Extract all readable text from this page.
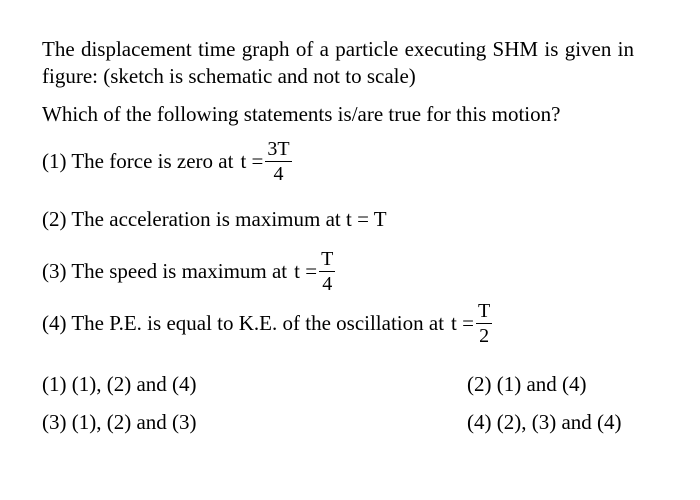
The displacement time graph of a particle executing SHM is given in figure: (sketch is schematic and not to scale)
Which of the following statements is/are true for this motion?
(1) The force is zero at $t = \frac{3T}{4}$
(2) The acceleration is maximum at t = T
(3) The speed is maximum at $t = \frac{T}{4}$
(4) The P.E. is equal to K.E. of the oscillation at $t = \frac{T}{2}$
(1) (1), (2) and (4)	(2) (1) and (4)
(3) (1), (2) and (3)	(4) (2), (3) and (4)
